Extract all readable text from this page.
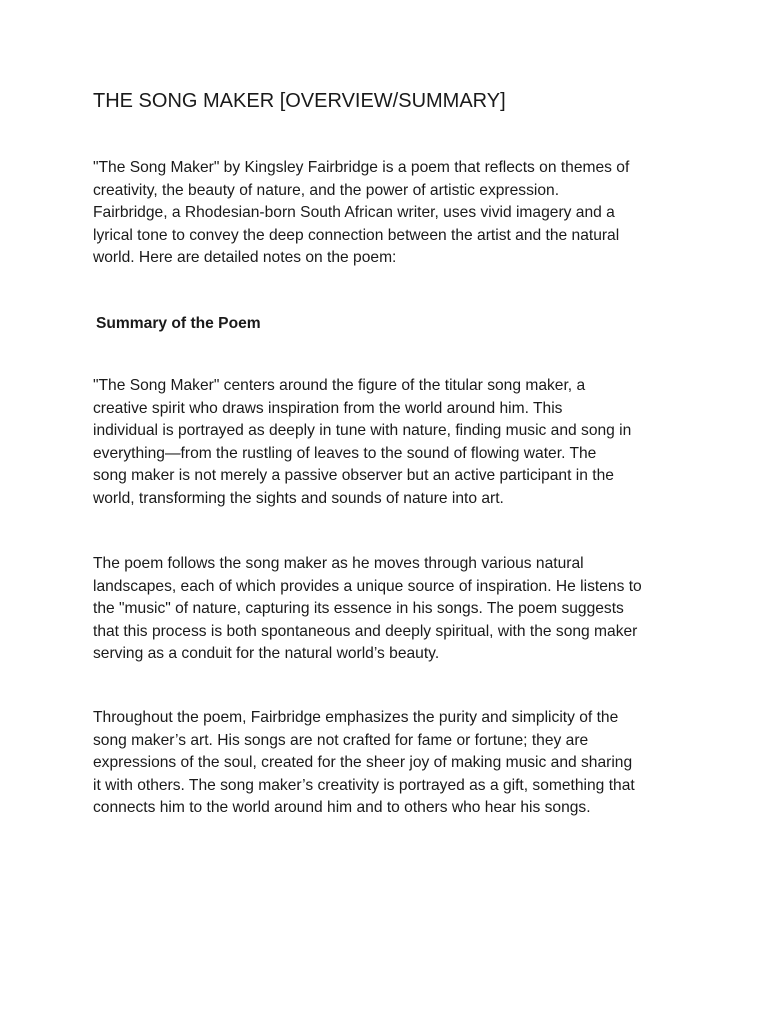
THE SONG MAKER [OVERVIEW/SUMMARY]

"The Song Maker" by Kingsley Fairbridge is a poem that reflects on themes of
creativity, the beauty of nature, and the power of artistic expression.
Fairbridge, a Rhodesian-born South African writer, uses vivid imagery and a
lyrical tone to convey the deep connection between the artist and the natural
world. Here are detailed notes on the poem:

Summary of the Poem

"The Song Maker" centers around the figure of the titular song maker, a
creative spirit who draws inspiration from the world around him. This
individual is portrayed as deeply in tune with nature, finding music and song in
everything—from the rustling of leaves to the sound of flowing water. The
song maker is not merely a passive observer but an active participant in the
world, transforming the sights and sounds of nature into art.

The poem follows the song maker as he moves through various natural
landscapes, each of which provides a unique source of inspiration. He listens to
the "music" of nature, capturing its essence in his songs. The poem suggests
that this process is both spontaneous and deeply spiritual, with the song maker
serving as a conduit for the natural world’s beauty.

Throughout the poem, Fairbridge emphasizes the purity and simplicity of the
song maker’s art. His songs are not crafted for fame or fortune; they are
expressions of the soul, created for the sheer joy of making music and sharing
it with others. The song maker’s creativity is portrayed as a gift, something that
connects him to the world around him and to others who hear his songs.
